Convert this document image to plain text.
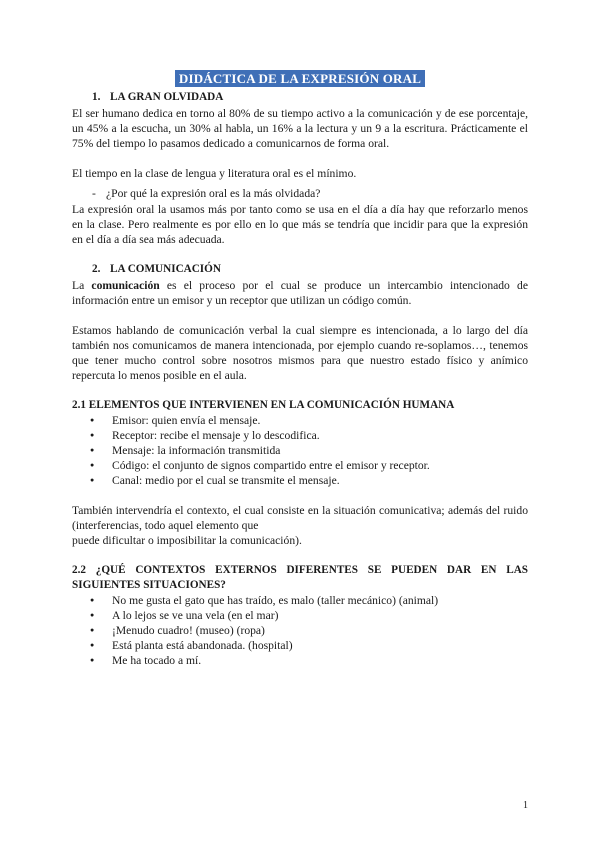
DIDÁCTICA DE LA EXPRESIÓN ORAL
1. LA GRAN OLVIDADA

El ser humano dedica en torno al 80% de su tiempo activo a la comunicación y de ese porcentaje, un 45% a la escucha, un 30% al habla, un 16% a la lectura y un 9 a la escritura. Prácticamente el 75% del tiempo lo pasamos dedicado a comunicarnos de forma oral.

El tiempo en la clase de lengua y literatura oral es el mínimo.

- ¿Por qué la expresión oral es la más olvidada?

La expresión oral la usamos más por tanto como se usa en el día a día hay que reforzarlo menos en la clase. Pero realmente es por ello en lo que más se tendría que incidir para que la expresión en el día a día sea más adecuada.

2. LA COMUNICACIÓN

La comunicación es el proceso por el cual se produce un intercambio intencionado de información entre un emisor y un receptor que utilizan un código común.

Estamos hablando de comunicación verbal la cual siempre es intencionada, a lo largo del día también nos comunicamos de manera intencionada, por ejemplo cuando re-soplamos…, tenemos que tener mucho control sobre nosotros mismos para que nuestro estado físico y anímico repercuta lo menos posible en el aula.

2.1 ELEMENTOS QUE INTERVIENEN EN LA COMUNICACIÓN HUMANA
● Emisor: quien envía el mensaje.
● Receptor: recibe el mensaje y lo descodifica.
● Mensaje: la información transmitida
● Código: el conjunto de signos compartido entre el emisor y receptor.
● Canal: medio por el cual se transmite el mensaje.

También intervendría el contexto, el cual consiste en la situación comunicativa; además del ruido (interferencias, todo aquel elemento que

puede dificultar o imposibilitar la comunicación).

2.2 ¿QUÉ CONTEXTOS EXTERNOS DIFERENTES SE PUEDEN DAR EN LAS SIGUIENTES SITUACIONES?
● No me gusta el gato que has traído, es malo (taller mecánico) (animal)
● A lo lejos se ve una vela (en el mar)
● ¡Menudo cuadro! (museo) (ropa)
● Está planta está abandonada. (hospital)
● Me ha tocado a mí.
1
